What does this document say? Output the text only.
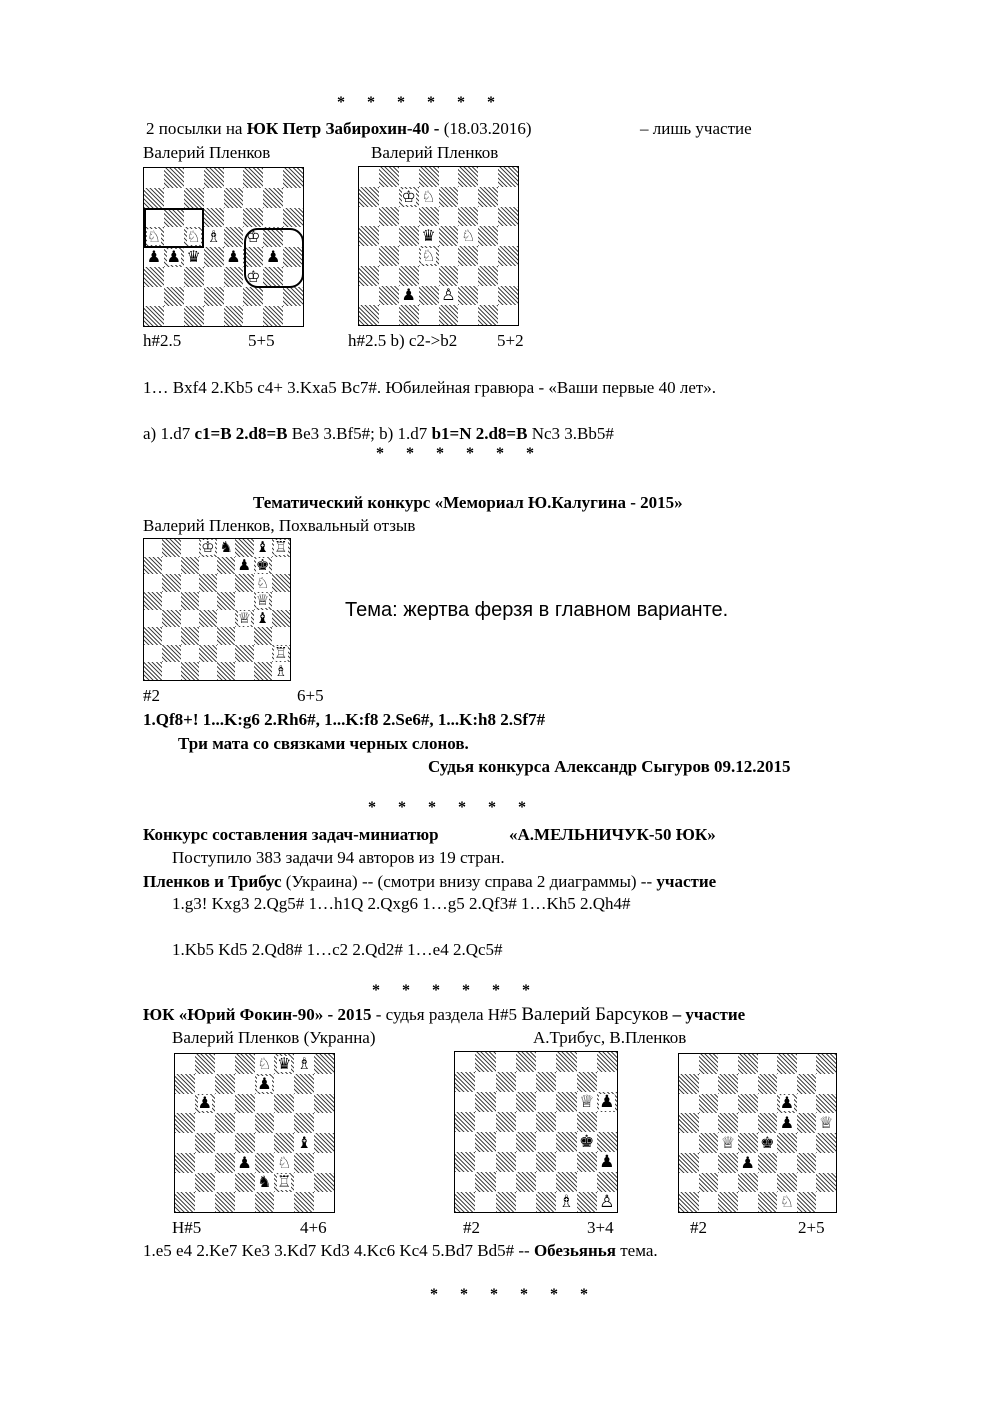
* * * * * *
2 посылки на ЮК Петр Забирохин-40 - (18.03.2016)	– лишь участие
Валерий Пленков	Валерий Пленков
♘ ♘ ♗ ♔
♟ ♟ ♛ ♟ ♟
♔
♔ ♘
♛ ♘
♘
♟ ♙
h#2.5	5+5	h#2.5 b) c2->b2 5+2
1… Bxf4 2.Kb5 c4+ 3.Kxa5 Bc7#. Юбилейная гравюра - «Ваши первые 40 лет».
a) 1.d7 c1=B 2.d8=B Be3 3.Bf5#; b) 1.d7 b1=N 2.d8=B Nc3 3.Bb5#
* * * * * *
Тематический конкурс «Мемориал Ю.Калугина - 2015»
Валерий Пленков, Похвальный отзыв
♔ ♞ ♝ ♖
♟ ♚
♘
♕
♕ ♝
♖
♗
Тема: жертва ферзя в главном варианте.
#2	6+5
1.Qf8+! 1...K:g6 2.Rh6#, 1...K:f8 2.Se6#, 1...K:h8 2.Sf7#
Три мата со связками черных слонов.
Судья конкурса Александр Сыгуров 09.12.2015
* * * * * *
Конкурс составления задач-миниатюр	«А.МЕЛЬНИЧУК-50 ЮК»
Поступило 383 задачи 94 авторов из 19 стран.
Пленков и Трибус (Украина) -- (смотри внизу справа 2 диаграммы) -- участие
1.g3! Kxg3 2.Qg5# 1…h1Q 2.Qxg6 1…g5 2.Qf3# 1…Kh5 2.Qh4#
1.Kb5 Kd5 2.Qd8# 1…c2 2.Qd2# 1…e4 2.Qc5#
* * * * * *
ЮК «Юрий Фокин-90» - 2015 - судья раздела H#5 Валерий Барсуков – участие
Валерий Пленков (Укранна)	А.Трибус, В.Пленков
♘ ♛ ♗
♟
♟
♝
♟ ♘
♞ ♖
♕ ♟
♚
♟
♗ ♙
♟
♟ ♕
♕ ♚
♟
♘
H#5	4+6	#2	3+4	#2	2+5
1.e5 e4 2.Ke7 Ke3 3.Kd7 Kd3 4.Kc6 Kc4 5.Bd7 Bd5# -- Обезьянья тема.
* * * * * *
